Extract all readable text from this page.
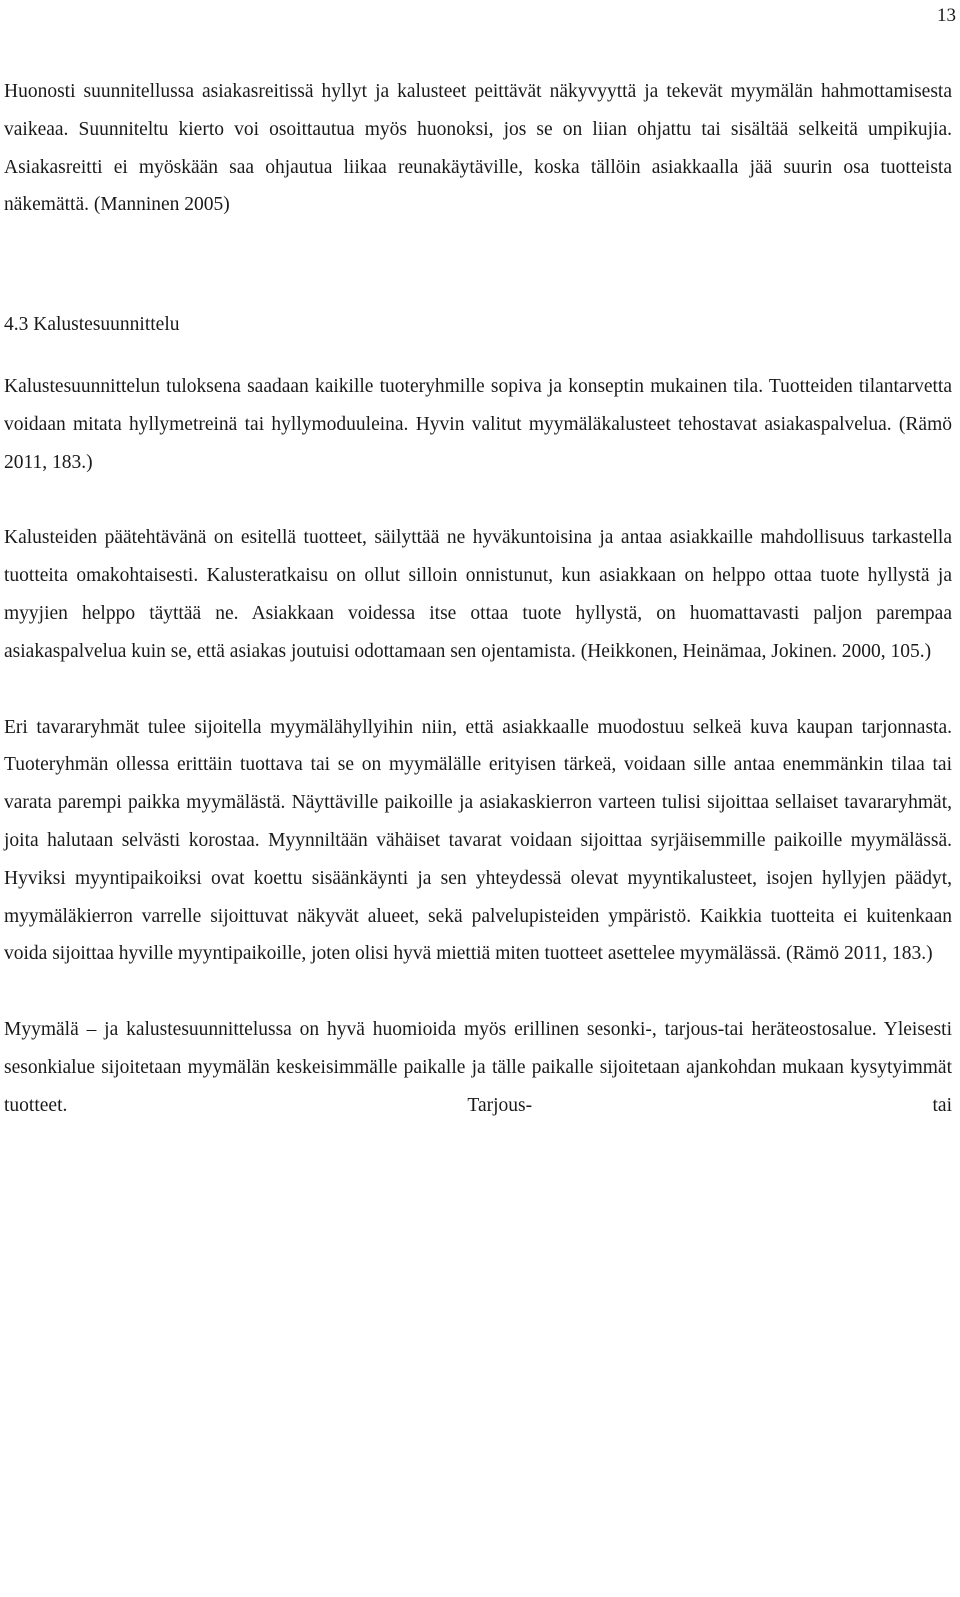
13

Huonosti suunnitellussa asiakasreitissä hyllyt ja kalusteet peittävät näkyvyyttä ja tekevät myymälän hahmottamisesta vaikeaa. Suunniteltu kierto voi osoittautua myös huonoksi, jos se on liian ohjattu tai sisältää selkeitä umpikujia. Asiakasreitti ei myöskään saa ohjautua liikaa reunakäytäville, koska tällöin asiakkaalla jää suurin osa tuotteista näkemättä. (Manninen 2005)

4.3 Kalustesuunnittelu

Kalustesuunnittelun tuloksena saadaan kaikille tuoteryhmille sopiva ja konseptin mukainen tila. Tuotteiden tilantarvetta voidaan mitata hyllymetreinä tai hyllymoduuleina. Hyvin valitut myymäläkalusteet tehostavat asiakaspalvelua. (Rämö 2011, 183.)

Kalusteiden päätehtävänä on esitellä tuotteet, säilyttää ne hyväkuntoisina ja antaa asiakkaille mahdollisuus tarkastella tuotteita omakohtaisesti. Kalusteratkaisu on ollut silloin onnistunut, kun asiakkaan on helppo ottaa tuote hyllystä ja myyjien helppo täyttää ne. Asiakkaan voidessa itse ottaa tuote hyllystä, on huomattavasti paljon parempaa asiakaspalvelua kuin se, että asiakas joutuisi odottamaan sen ojentamista. (Heikkonen, Heinämaa, Jokinen. 2000, 105.)

Eri tavararyhmät tulee sijoitella myymälähyllyihin niin, että asiakkaalle muodostuu selkeä kuva kaupan tarjonnasta. Tuoteryhmän ollessa erittäin tuottava tai se on myymälälle erityisen tärkeä, voidaan sille antaa enemmänkin tilaa tai varata parempi paikka myymälästä. Näyttäville paikoille ja asiakaskierron varteen tulisi sijoittaa sellaiset tavararyhmät, joita halutaan selvästi korostaa. Myynniltään vähäiset tavarat voidaan sijoittaa syrjäisemmille paikoille myymälässä. Hyviksi myyntipaikoiksi ovat koettu sisäänkäynti ja sen yhteydessä olevat myyntikalusteet, isojen hyllyjen päädyt, myymäläkierron varrelle sijoittuvat näkyvät alueet, sekä palvelupisteiden ympäristö. Kaikkia tuotteita ei kuitenkaan voida sijoittaa hyville myyntipaikoille, joten olisi hyvä miettiä miten tuotteet asettelee myymälässä. (Rämö 2011, 183.)

Myymälä – ja kalustesuunnittelussa on hyvä huomioida myös erillinen sesonki-, tarjous-tai heräteostosalue. Yleisesti sesonkialue sijoitetaan myymälän keskeisimmälle paikalle ja tälle paikalle sijoitetaan ajankohdan mukaan kysytyimmät tuotteet. Tarjous- tai
